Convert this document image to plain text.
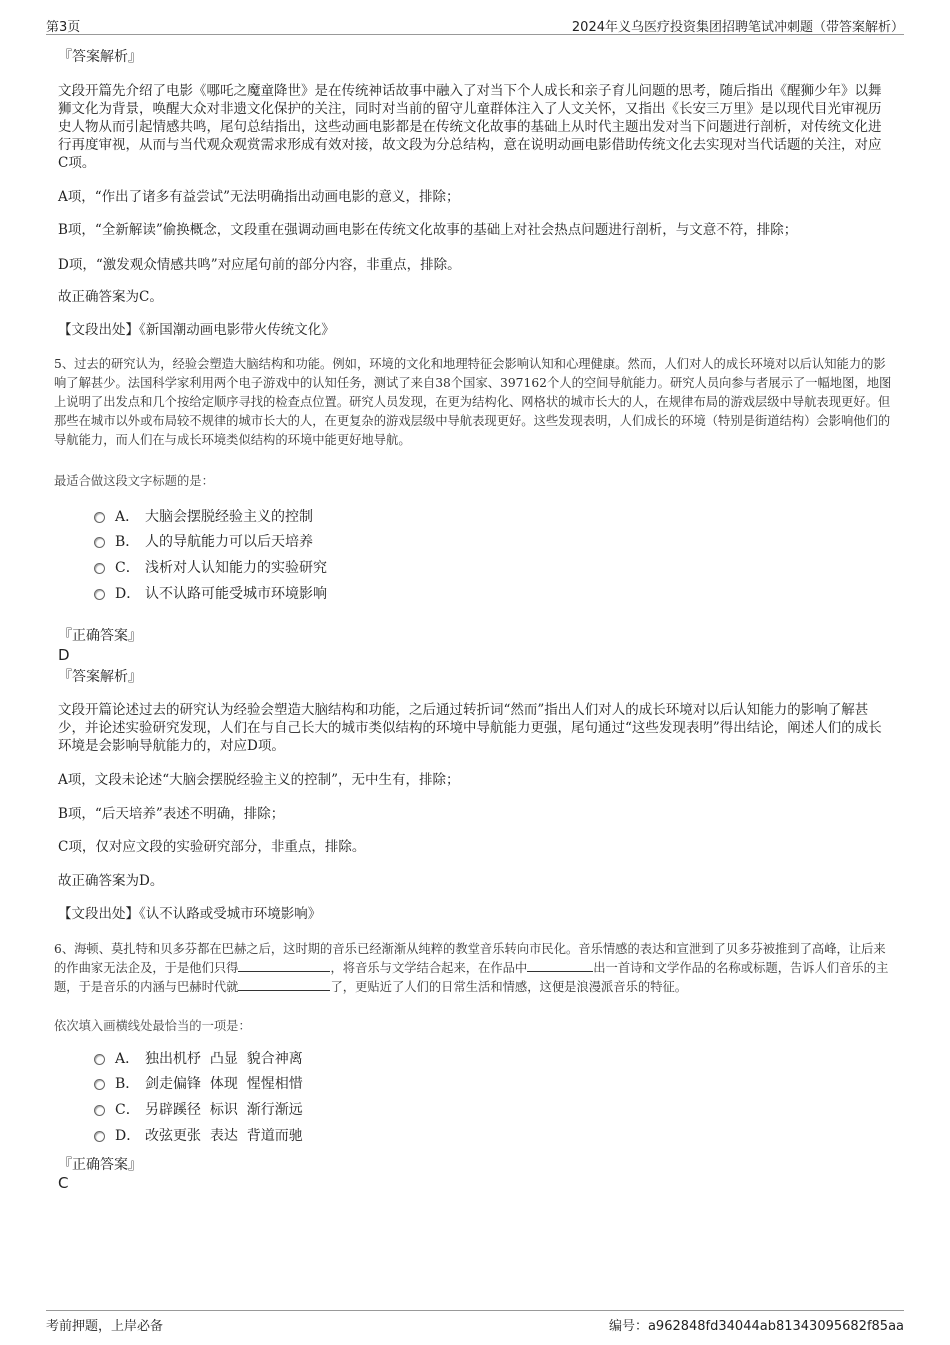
第3页	2024年义乌医疗投资集团招聘笔试冲刺题（带答案解析）
『答案解析』

文段开篇先介绍了电影《哪吒之魔童降世》是在传统神话故事中融入了对当下个人成长和亲子育儿问题的思考，随后指出《醒狮少年》以舞狮文化为背景，唤醒大众对非遗文化保护的关注，同时对当前的留守儿童群体注入了人文关怀，又指出《长安三万里》是以现代目光审视历史人物从而引起情感共鸣，尾句总结指出，这些动画电影都是在传统文化故事的基础上从时代主题出发对当下问题进行剖析，对传统文化进行再度审视，从而与当代观众观赏需求形成有效对接，故文段为分总结构，意在说明动画电影借助传统文化去实现对当代话题的关注，对应C项。

A项，“作出了诸多有益尝试”无法明确指出动画电影的意义，排除；

B项，“全新解读”偷换概念，文段重在强调动画电影在传统文化故事的基础上对社会热点问题进行剖析，与文意不符，排除；

D项，“激发观众情感共鸣”对应尾句前的部分内容，非重点，排除。

故正确答案为C。

【文段出处】《新国潮动画电影带火传统文化》

5、过去的研究认为，经验会塑造大脑结构和功能。例如，环境的文化和地理特征会影响认知和心理健康。然而，人们对人的成长环境对以后认知能力的影响了解甚少。法国科学家利用两个电子游戏中的认知任务，测试了来自38个国家、397162个人的空间导航能力。研究人员向参与者展示了一幅地图，地图上说明了出发点和几个按给定顺序寻找的检查点位置。研究人员发现，在更为结构化、网格状的城市长大的人，在规律布局的游戏层级中导航表现更好。但那些在城市以外或布局较不规律的城市长大的人，在更复杂的游戏层级中导航表现更好。这些发现表明，人们成长的环境（特别是街道结构）会影响他们的导航能力，而人们在与成长环境类似结构的环境中能更好地导航。

最适合做这段文字标题的是：
A． 大脑会摆脱经验主义的控制
B． 人的导航能力可以后天培养
C． 浅析对人认知能力的实验研究
D． 认不认路可能受城市环境影响
『正确答案』
D
『答案解析』

文段开篇论述过去的研究认为经验会塑造大脑结构和功能，之后通过转折词“然而”指出人们对人的成长环境对以后认知能力的影响了解甚少，并论述实验研究发现，人们在与自己长大的城市类似结构的环境中导航能力更强，尾句通过“这些发现表明”得出结论，阐述人们的成长环境是会影响导航能力的，对应D项。

A项，文段未论述“大脑会摆脱经验主义的控制”，无中生有，排除；

B项，“后天培养”表述不明确，排除；

C项，仅对应文段的实验研究部分，非重点，排除。

故正确答案为D。

【文段出处】《认不认路或受城市环境影响》

6、海顿、莫扎特和贝多芬都在巴赫之后，这时期的音乐已经渐渐从纯粹的教堂音乐转向市民化。音乐情感的表达和宣泄到了贝多芬被推到了高峰，让后来的作曲家无法企及，于是他们只得	，将音乐与文学结合起来，在作品中	出一首诗和文学作品的名称或标题，告诉人们音乐的主题，于是音乐的内涵与巴赫时代就	了，更贴近了人们的日常生活和情感，这便是浪漫派音乐的特征。

依次填入画横线处最恰当的一项是：
A． 独出机杼  凸显  貌合神离
B． 剑走偏锋  体现  惺惺相惜
C． 另辟蹊径  标识  渐行渐远
D． 改弦更张  表达  背道而驰
『正确答案』
C
考前押题，上岸必备	编号：a962848fd34044ab81343095682f85aa
